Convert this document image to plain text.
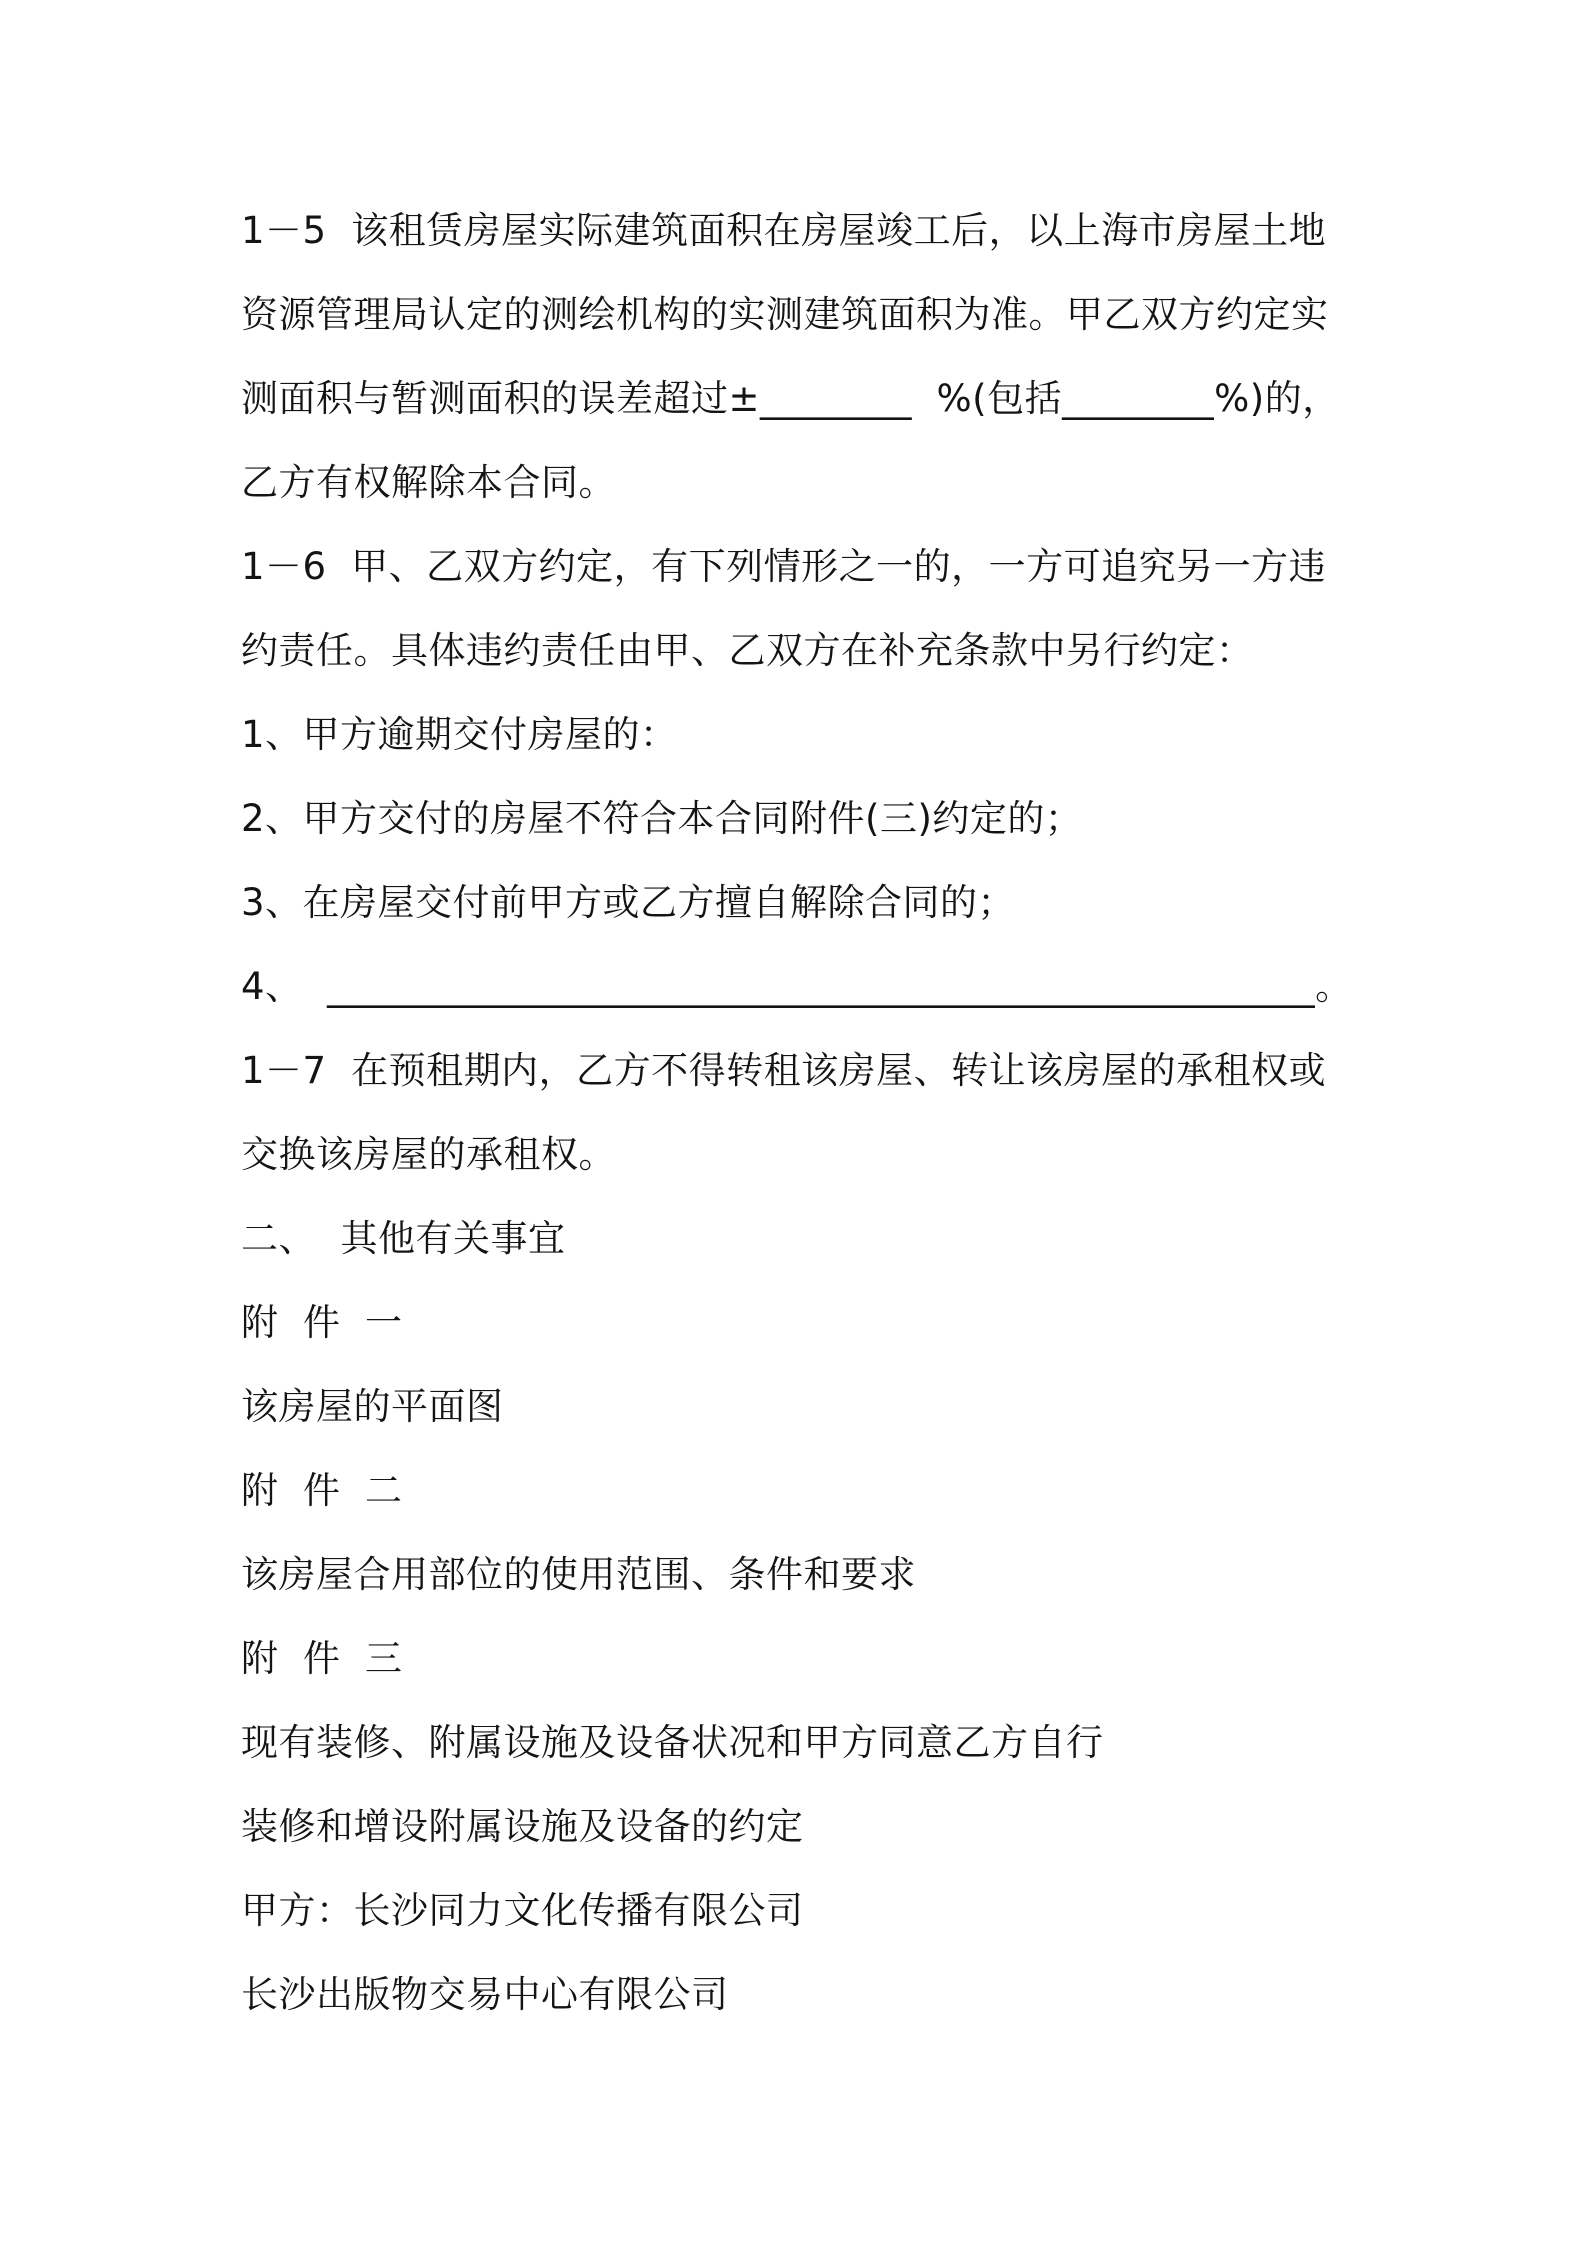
1－5  该租赁房屋实际建筑面积在房屋竣工后，以上海市房屋土地资源管理局认定的测绘机构的实测建筑面积为准。甲乙双方约定实测面积与暂测面积的误差超过±________  %(包括________%)的，乙方有权解除本合同。

1－6  甲、乙双方约定，有下列情形之一的，一方可追究另一方违约责任。具体违约责任由甲、乙双方在补充条款中另行约定：

1、甲方逾期交付房屋的：

2、甲方交付的房屋不符合本合同附件(三)约定的；

3、在房屋交付前甲方或乙方擅自解除合同的；

4、  ____________________________________________________。

1－7  在预租期内，乙方不得转租该房屋、转让该房屋的承租权或交换该房屋的承租权。

二、  其他有关事宜

附  件  一

该房屋的平面图

附  件  二

该房屋合用部位的使用范围、条件和要求

附  件  三

现有装修、附属设施及设备状况和甲方同意乙方自行

装修和增设附属设施及设备的约定

甲方：长沙同力文化传播有限公司

长沙出版物交易中心有限公司
